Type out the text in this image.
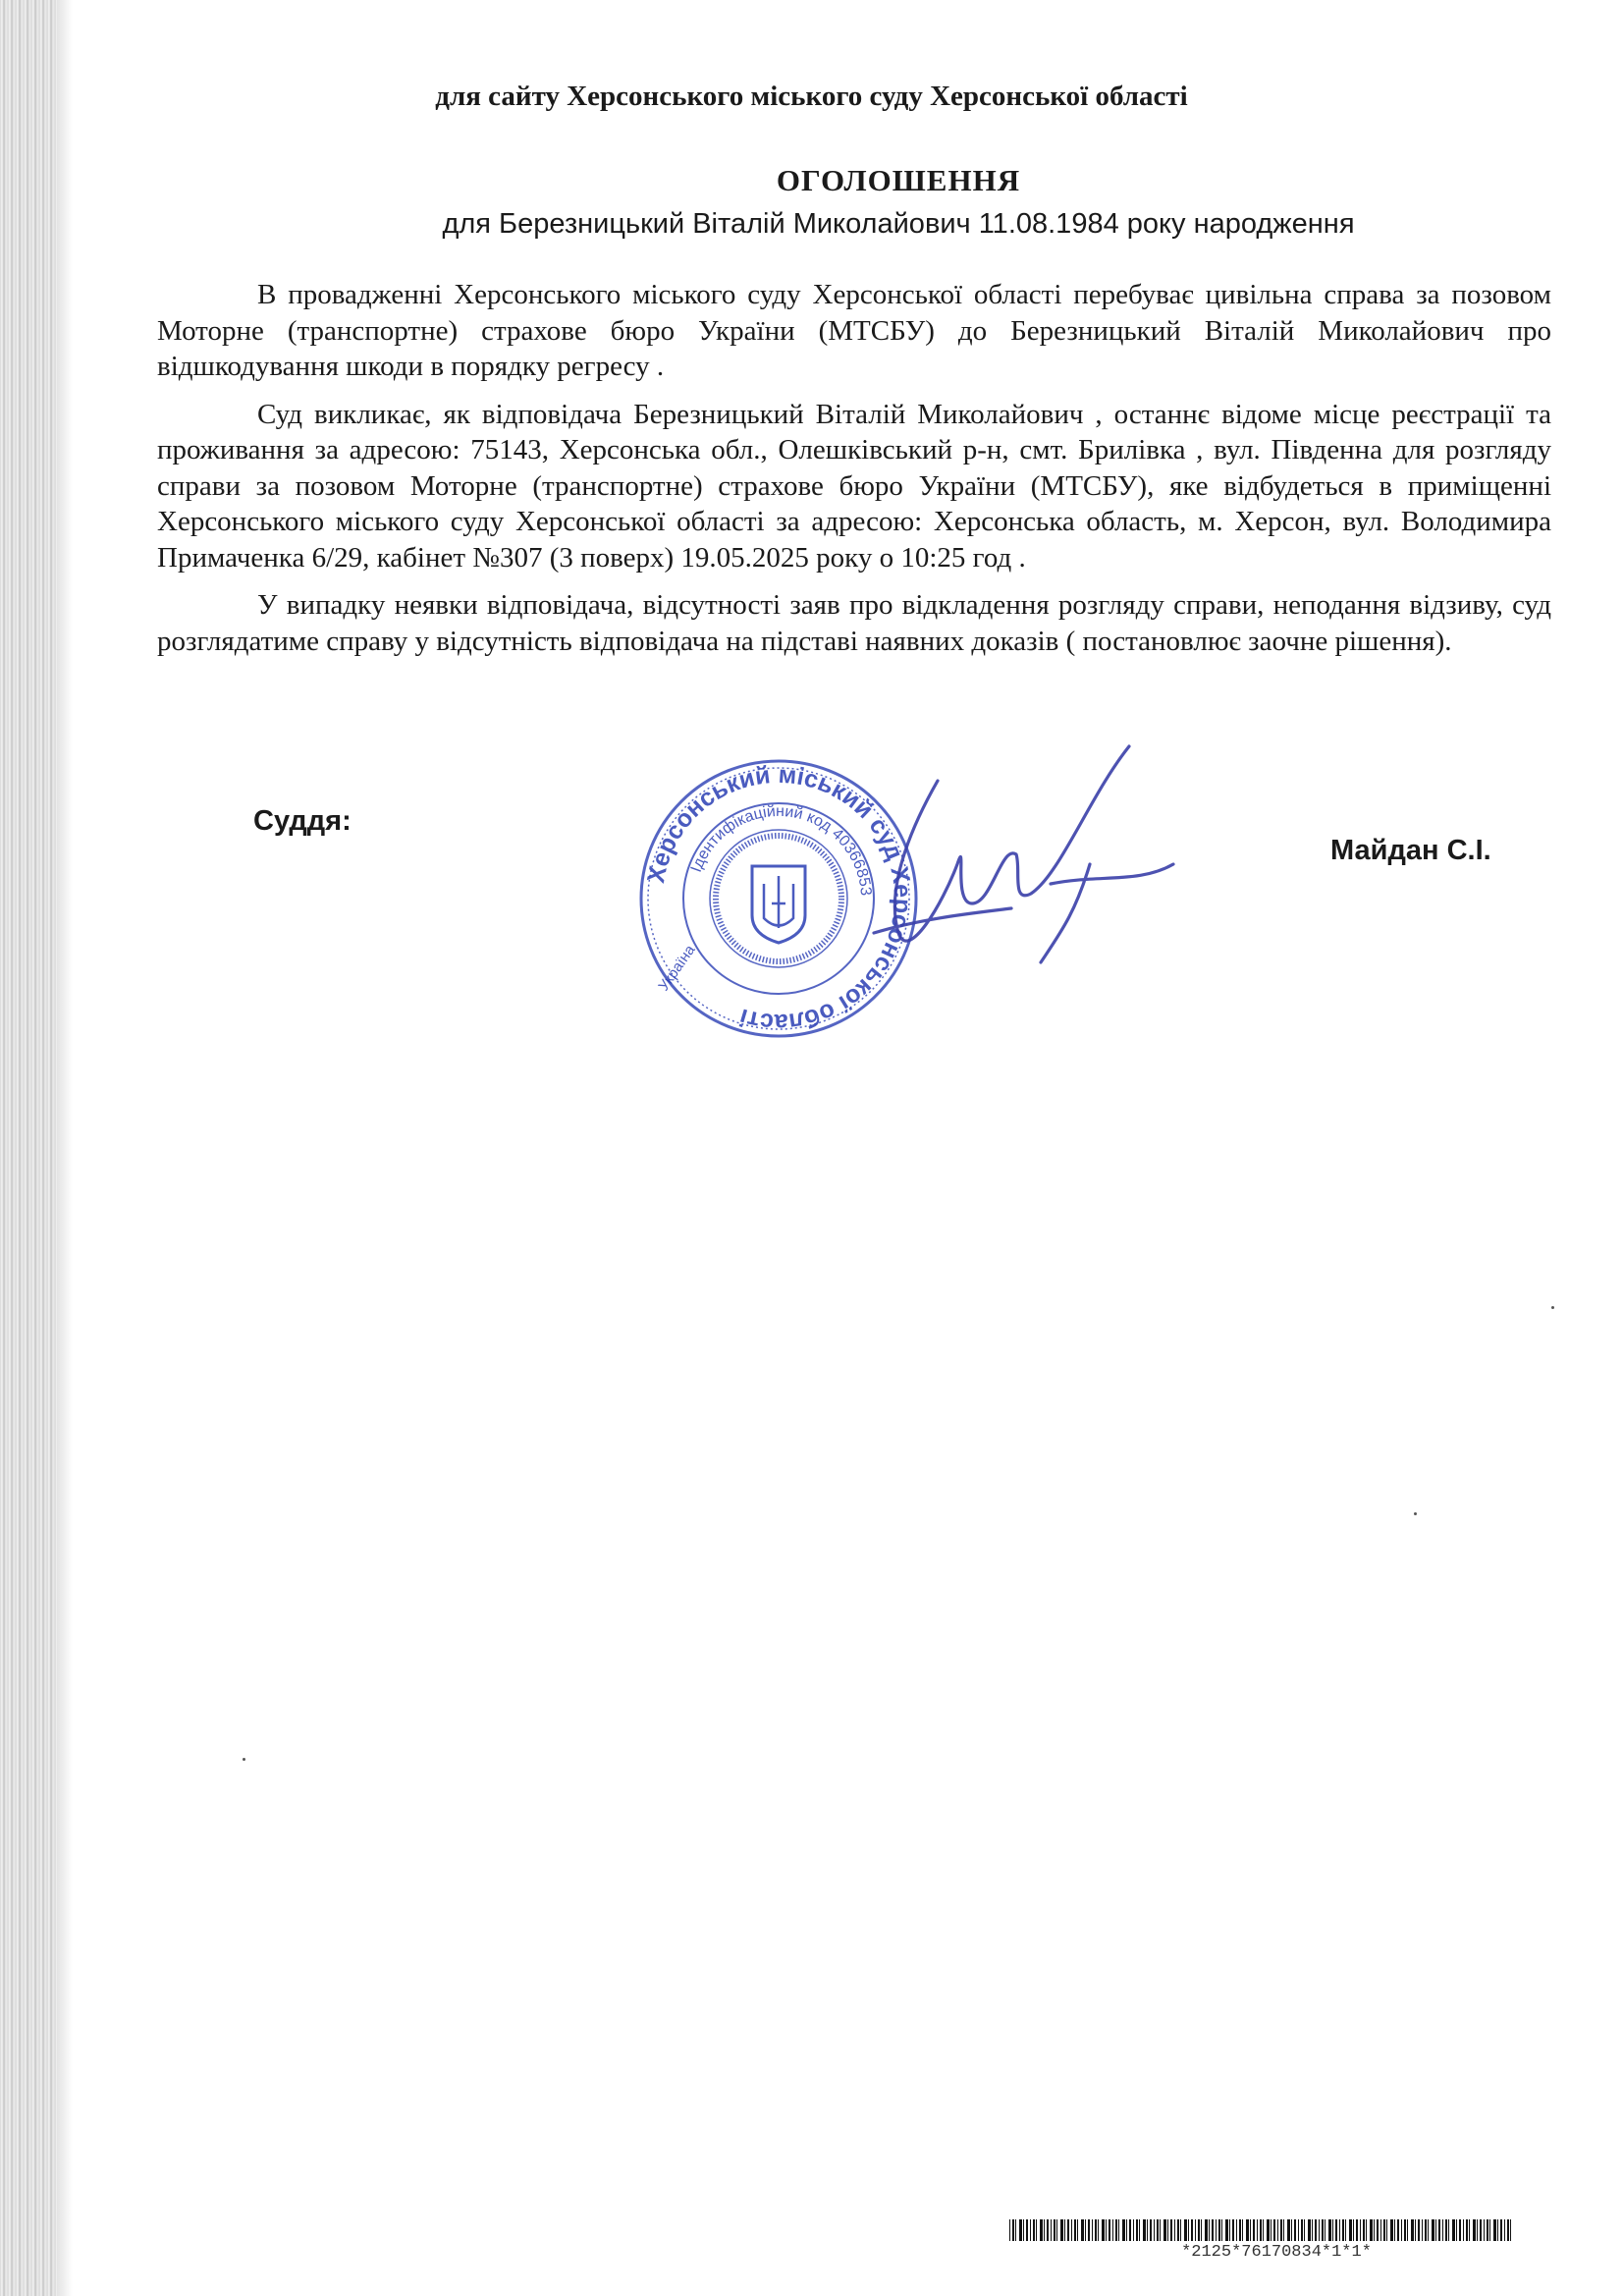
для сайту Херсонського міського суду Херсонської області
ОГОЛОШЕННЯ
для Березницький Віталій Миколайович 11.08.1984 року народження

В провадженні Херсонського міського суду Херсонської області перебуває цивільна справа за позовом Моторне (транспортне) страхове бюро України (МТСБУ) до Березницький Віталій Миколайович про відшкодування шкоди в порядку регресу .

Суд викликає, як відповідача Березницький Віталій Миколайович , останнє відоме місце реєстрації та проживання за адресою: 75143, Херсонська обл., Олешківський р-н, смт. Брилівка , вул. Південна для розгляду справи за позовом Моторне (транспортне) страхове бюро України (МТСБУ), яке відбудеться в приміщенні Херсонського міського суду Херсонської області за адресою: Херсонська область, м. Херсон, вул. Володимира Примаченка 6/29, кабінет №307 (3 поверх) 19.05.2025 року о 10:25 год .

У випадку неявки відповідача, відсутності заяв про відкладення розгляду справи, неподання відзиву, суд розглядатиме справу у відсутність відповідача на підставі наявних доказів ( постановлює заочне рішення).

Суддя:
Херсонський міський суд Херсонської області
Ідентифікаційний код 40366853
Україна
Майдан С.І.
*2125*76170834*1*1*
